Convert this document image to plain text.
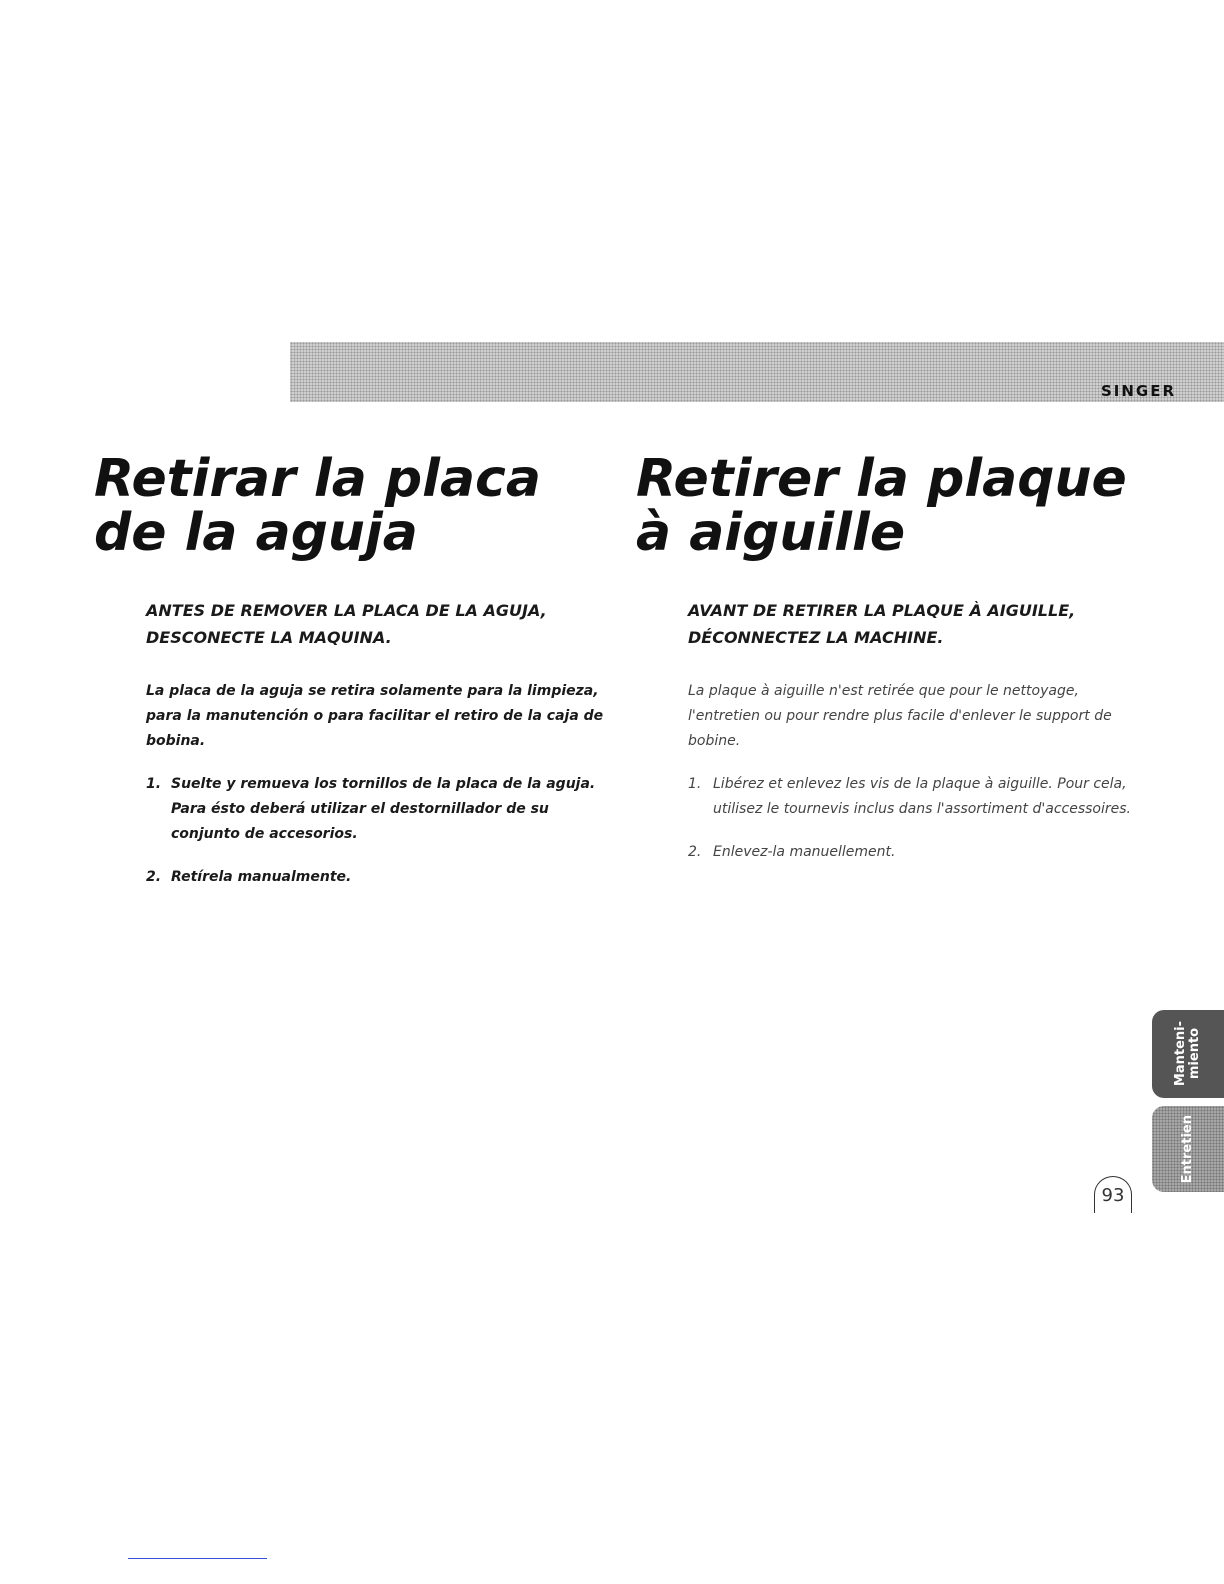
SINGER
Retirar la placa
de la aguja

ANTES DE REMOVER LA PLACA DE LA AGUJA,
DESCONECTE LA MAQUINA.

La placa de la aguja se retira solamente para la limpieza, para la manutención o para facilitar el retiro de la caja de bobina.

1. Suelte y remueva los tornillos de la placa de la aguja. Para ésto deberá utilizar el destornillador de su conjunto de accesorios.
2. Retírela manualmente.
Retirer la plaque
à aiguille

AVANT DE RETIRER LA PLAQUE À AIGUILLE,
DÉCONNECTEZ LA MACHINE.

La plaque à aiguille n'est retirée que pour le nettoyage, l'entretien ou pour rendre plus facile d'enlever le support de bobine.

1. Libérez et enlevez les vis de la plaque à aiguille. Pour cela, utilisez le tournevis inclus dans l'assortiment d'accessoires.
2. Enlevez-la manuellement.
Manteni-
miento
Entretien
93
